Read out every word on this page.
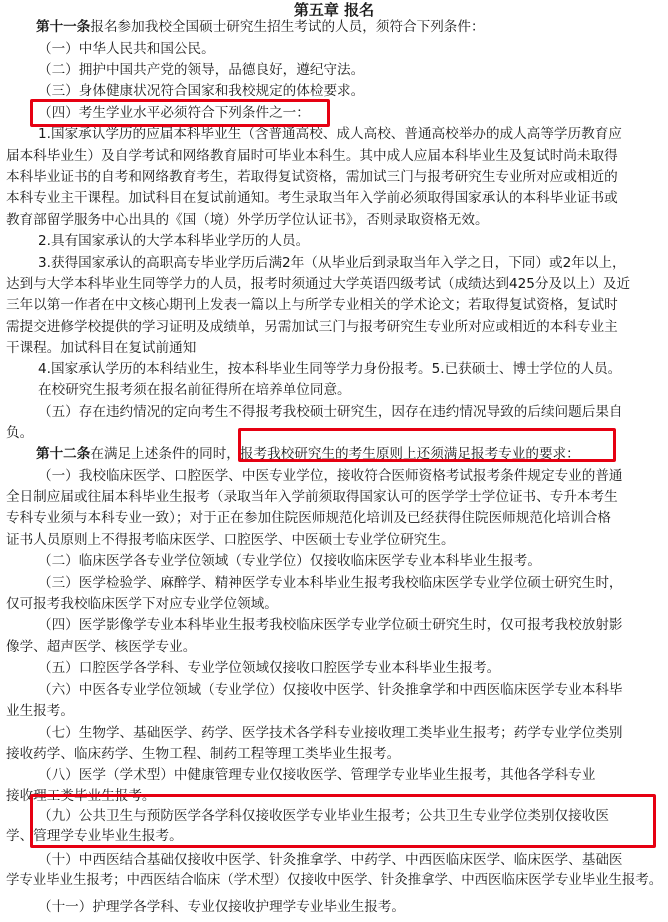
第五章 报名
第十一条报名参加我校全国硕士研究生招生考试的人员，须符合下列条件：
（一）中华人民共和国公民。
（二）拥护中国共产党的领导，品德良好，遵纪守法。
（三）身体健康状况符合国家和我校规定的体检要求。
（四）考生学业水平必须符合下列条件之一：
1.国家承认学历的应届本科毕业生（含普通高校、成人高校、普通高校举办的成人高等学历教育应
届本科毕业生）及自学考试和网络教育届时可毕业本科生。其中成人应届本科毕业生及复试时尚未取得
本科毕业证书的自考和网络教育考生，若取得复试资格，需加试三门与报考研究生专业所对应或相近的
本科专业主干课程。加试科目在复试前通知。考生录取当年入学前必须取得国家承认的本科毕业证书或
教育部留学服务中心出具的《国（境）外学历学位认证书》，否则录取资格无效。
2.具有国家承认的大学本科毕业学历的人员。
3.获得国家承认的高职高专毕业学历后满2年（从毕业后到录取当年入学之日，下同）或2年以上，
达到与大学本科毕业生同等学力的人员，报考时须通过大学英语四级考试（成绩达到425分及以上）及近
三年以第一作者在中文核心期刊上发表一篇以上与所学专业相关的学术论文；若取得复试资格，复试时
需提交进修学校提供的学习证明及成绩单，另需加试三门与报考研究生专业所对应或相近的本科专业主
干课程。加试科目在复试前通知
4.国家承认学历的本科结业生，按本科毕业生同等学力身份报考。5.已获硕士、博士学位的人员。
在校研究生报考须在报名前征得所在培养单位同意。
（五）存在违约情况的定向考生不得报考我校硕士研究生，因存在违约情况导致的后续问题后果自
负。
第十二条在满足上述条件的同时，报考我校研究生的考生原则上还须满足报考专业的要求：
（一）我校临床医学、口腔医学、中医专业学位，接收符合医师资格考试报考条件规定专业的普通
全日制应届或往届本科毕业生报考（录取当年入学前须取得国家认可的医学学士学位证书、专升本考生
专科专业须与本科专业一致）；对于正在参加住院医师规范化培训及已经获得住院医师规范化培训合格
证书人员原则上不得报考临床医学、口腔医学、中医硕士专业学位研究生。
（二）临床医学各专业学位领域（专业学位）仅接收临床医学专业本科毕业生报考。
（三）医学检验学、麻醉学、精神医学专业本科毕业生报考我校临床医学专业学位硕士研究生时，
仅可报考我校临床医学下对应专业学位领域。
（四）医学影像学专业本科毕业生报考我校临床医学专业学位硕士研究生时，仅可报考我校放射影
像学、超声医学、核医学专业。
（五）口腔医学各学科、专业学位领域仅接收口腔医学专业本科毕业生报考。
（六）中医各专业学位领域（专业学位）仅接收中医学、针灸推拿学和中西医临床医学专业本科毕
业生报考。
（七）生物学、基础医学、药学、医学技术各学科专业接收理工类毕业生报考；药学专业学位类别
接收药学、临床药学、生物工程、制药工程等理工类毕业生报考。
（八）医学（学术型）中健康管理专业仅接收医学、管理学专业毕业生报考，其他各学科专业
接收理工类毕业生报考。
（九）公共卫生与预防医学各学科仅接收医学专业毕业生报考；公共卫生专业学位类别仅接收医
学、管理学专业毕业生报考。
（十）中西医结合基础仅接收中医学、针灸推拿学、中药学、中西医临床医学、临床医学、基础医
学专业毕业生报考；中西医结合临床（学术型）仅接收中医学、针灸推拿学、中西医临床医学专业毕业生报考。
（十一）护理学各学科、专业仅接收护理学专业毕业生报考。
